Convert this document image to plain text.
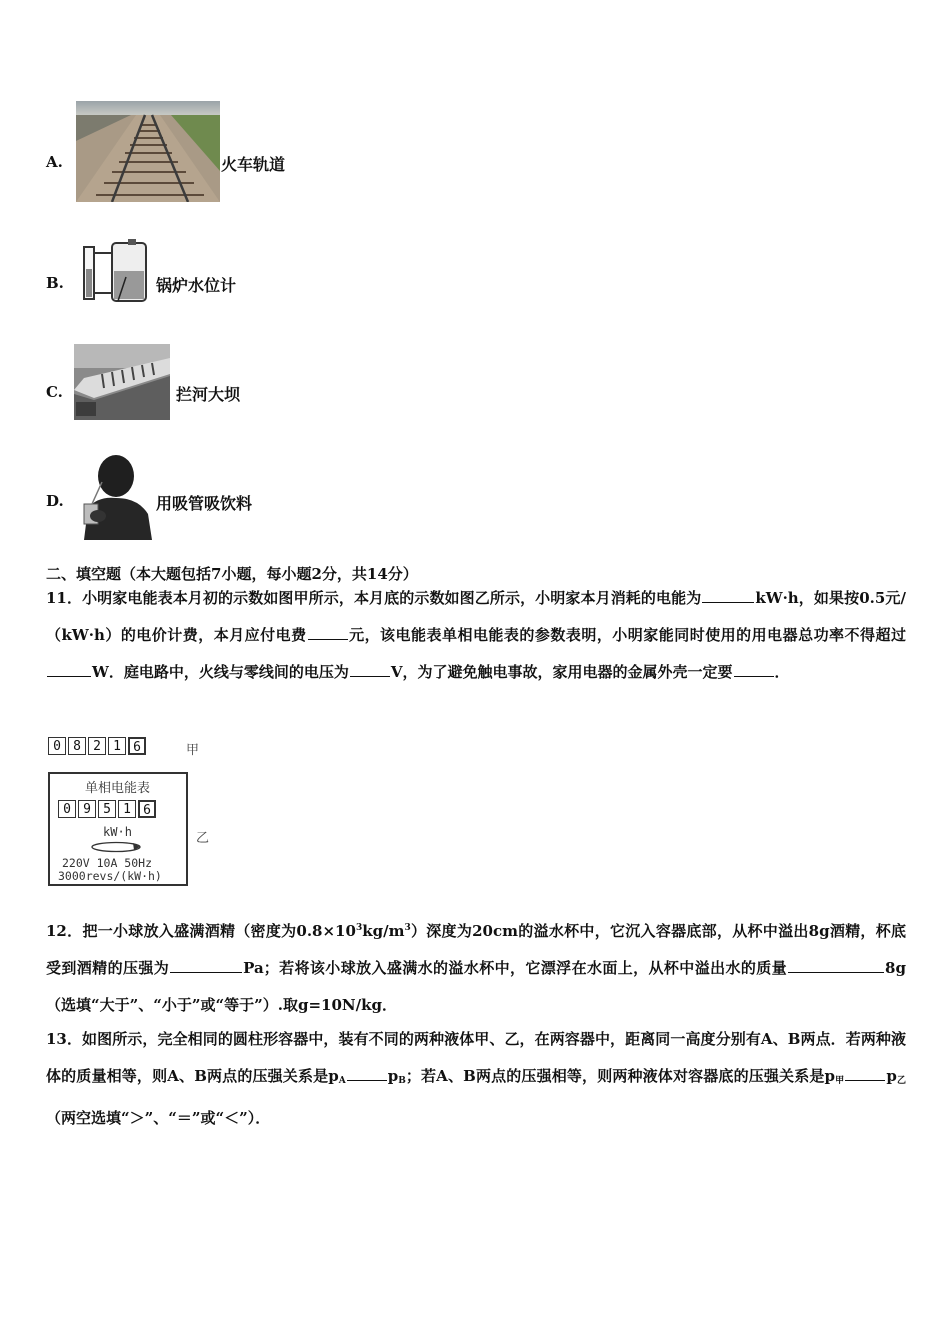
A.	火车轨道
B.	锅炉水位计
C.	拦河大坝
D.	用吸管吸饮料
二、填空题（本大题包括7小题，每小题2分，共14分）
11．小明家电能表本月初的示数如图甲所示，本月底的示数如图乙所示，小明家本月消耗的电能为	kW·h，如果按0.5元/（kW·h）的电价计费，本月应付电费	元，该电能表单相电能表的参数表明，小明家能同时使用的用电器总功率不得超过W．庭电路中，火线与零线间的电压为	V，为了避免触电事故，家用电器的金属外壳一定要	．
0 8 2 1 6	甲
单相电能表
0 9 5 1 6
kW·h
220V 10A 50Hz
3000revs/(kW·h)
乙
12．把一小球放入盛满酒精（密度为$0.8\times 10^3kg/m^3$）深度为20cm的溢水杯中，它沉入容器底部，从杯中溢出8g酒精，杯底受到酒精的压强为	Pa；若将该小球放入盛满水的溢水杯中，它漂浮在水面上，从杯中溢出水的质量	8g（选填“大于”、“小于”或“等于”）.取g=10N/kg．
13．如图所示，完全相同的圆柱形容器中，装有不同的两种液体甲、乙，在两容器中，距离同一高度分别有A、B两点．若两种液体的质量相等，则A、B两点的压强关系是$p_A$	$p_B$；若A、B两点的压强相等，则两种液体对容器底的压强关系是$p_甲$	$p_乙$（两空选填“＞”、“＝”或“＜”）．
